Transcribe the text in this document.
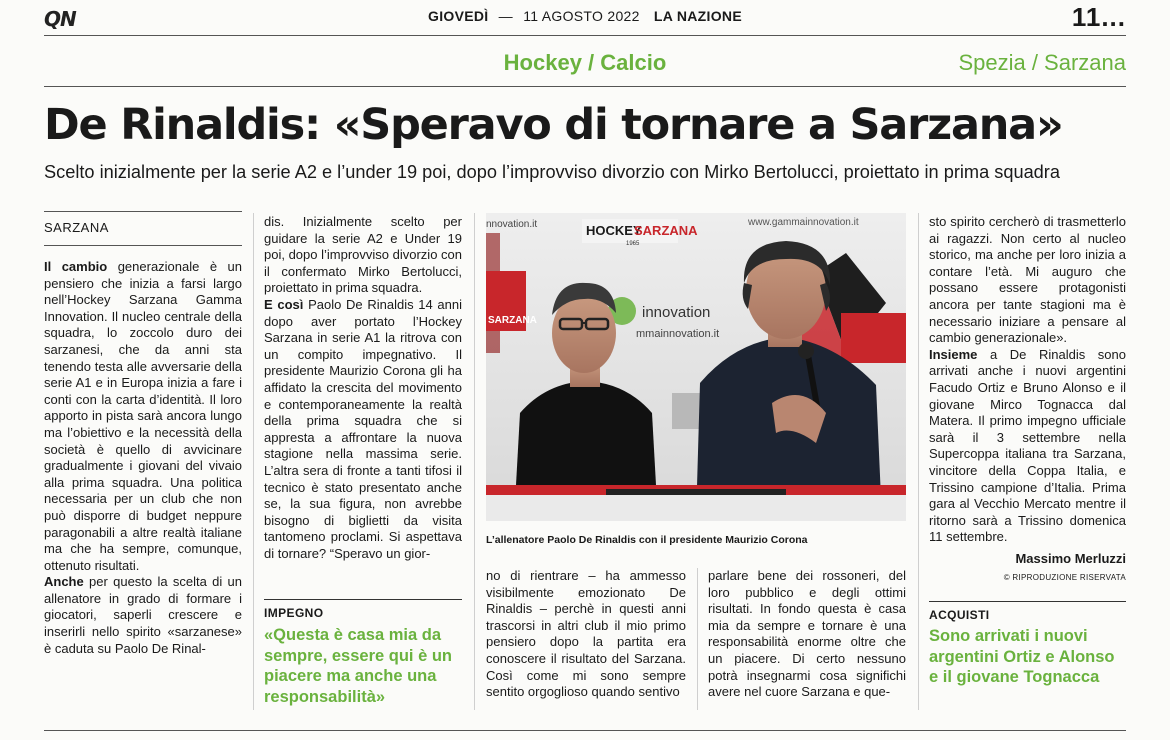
QN	GIOVEDÌ — 11 AGOSTO 2022 LA NAZIONE	11...
Hockey / Calcio	Spezia / Sarzana
De Rinaldis: «Speravo di tornare a Sarzana»
Scelto inizialmente per la serie A2 e l’under 19 poi, dopo l’improvviso divorzio con Mirko Bertolucci, proiettato in prima squadra
SARZANA

Il cambio generazionale è un pensiero che inizia a farsi largo nell’Hockey Sarzana Gamma Innovation. Il nucleo centrale della squadra, lo zoccolo duro dei sarzanesi, che da anni sta tenendo testa alle avversarie della serie A1 e in Europa inizia a fare i conti con la carta d’identità. Il loro apporto in pista sarà ancora lungo ma l’obiettivo e la necessità della società è quello di avvicinare gradualmente i giovani del vivaio alla prima squadra. Una politica necessaria per un club che non può disporre di budget neppure paragonabili a altre realtà italiane ma che ha sempre, comunque, ottenuto risultati.

Anche per questo la scelta di un allenatore in grado di formare i giocatori, saperli crescere e inserirli nello spirito «sarzanese» è caduta su Paolo De Rinal-

dis. Inizialmente scelto per guidare la serie A2 e Under 19 poi, dopo l’improvviso divorzio con il confermato Mirko Bertolucci, proiettato in prima squadra.

E così Paolo De Rinaldis 14 anni dopo aver portato l’Hockey Sarzana in serie A1 la ritrova con un compito impegnativo. Il presidente Maurizio Corona gli ha affidato la crescita del movimento e contemporaneamente la realtà della prima squadra che si appresta a affrontare la nuova stagione nella massima serie. L’altra sera di fronte a tanti tifosi il tecnico è stato presentato anche se, la sua figura, non avrebbe bisogno di biglietti da visita tantomeno proclami. Si aspettava di tornare? “Speravo un gior-

IMPEGNO
«Questa è casa mia da sempre, essere qui è un piacere ma anche una responsabilità»
nnovation.it	HOCKEY
SARZANA
1965
www.gammainnovation.it
innovation
mmainnovation.it
SARZANA
L’allenatore Paolo De Rinaldis con il presidente Maurizio Corona

no di rientrare – ha ammesso visibilmente emozionato De Rinaldis – perchè in questi anni trascorsi in altri club il mio primo pensiero dopo la partita era conoscere il risultato del Sarzana. Così come mi sono sempre sentito orgoglioso quando sentivo

parlare bene dei rossoneri, del loro pubblico e degli ottimi risultati. In fondo questa è casa mia da sempre e tornare è una responsabilità enorme oltre che un piacere. Di certo nessuno potrà insegnarmi cosa significhi avere nel cuore Sarzana e que-

sto spirito cercherò di trasmetterlo ai ragazzi. Non certo al nucleo storico, ma anche per loro inizia a contare l’età. Mi auguro che possano essere protagonisti ancora per tante stagioni ma è necessario iniziare a pensare al cambio generazionale».

Insieme a De Rinaldis sono arrivati anche i nuovi argentini Facudo Ortiz e Bruno Alonso e il giovane Mirco Tognacca dal Matera. Il primo impegno ufficiale sarà il 3 settembre nella Supercoppa italiana tra Sarzana, vincitore della Coppa Italia, e Trissino campione d’Italia. Prima gara al Vecchio Mercato mentre il ritorno sarà a Trissino domenica 11 settembre.

Massimo Merluzzi
© RIPRODUZIONE RISERVATA
ACQUISTI
Sono arrivati i nuovi argentini Ortiz e Alonso e il giovane Tognacca
